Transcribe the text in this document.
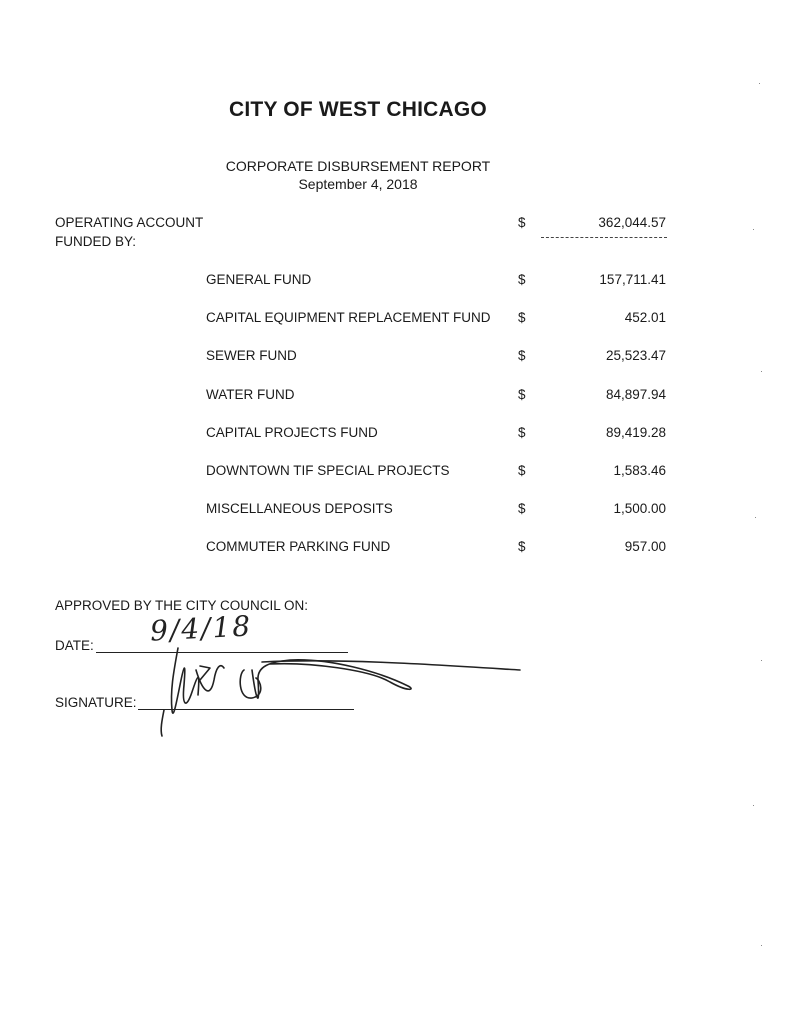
CITY OF WEST CHICAGO
CORPORATE DISBURSEMENT REPORT
September 4, 2018
OPERATING ACCOUNT	$	362,044.57
FUNDED BY:
GENERAL FUND	$	157,711.41
CAPITAL EQUIPMENT REPLACEMENT FUND $	452.01
SEWER FUND	$	25,523.47
WATER FUND	$	84,897.94
CAPITAL PROJECTS FUND	$	89,419.28
DOWNTOWN TIF SPECIAL PROJECTS	$	1,583.46
MISCELLANEOUS DEPOSITS	$	1,500.00
COMMUTER PARKING FUND	$	957.00
APPROVED BY THE CITY COUNCIL ON:
DATE:
SIGNATURE:
9/4/18
·
·
·
·
·
·
·
